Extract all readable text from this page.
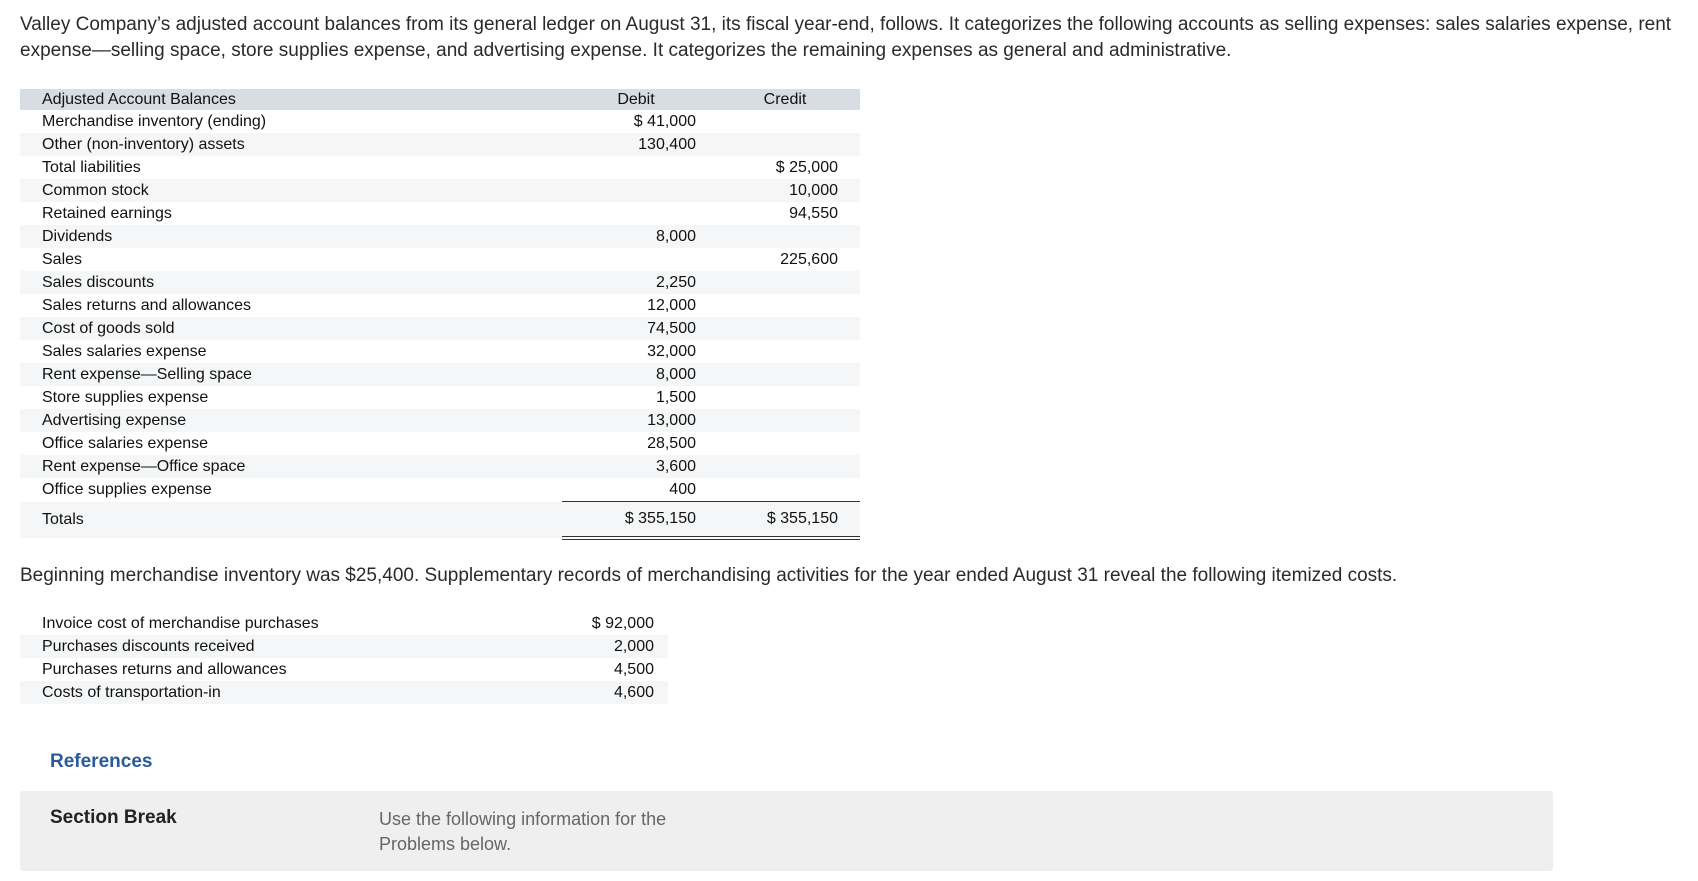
Valley Company’s adjusted account balances from its general ledger on August 31, its fiscal year-end, follows. It categorizes the following accounts as selling expenses: sales salaries expense, rent expense—selling space, store supplies expense, and advertising expense. It categorizes the remaining expenses as general and administrative.

Adjusted Account Balances	Debit	Credit
Merchandise inventory (ending)	$ 41,000	
Other (non-inventory) assets	130,400	
Total liabilities		$ 25,000
Common stock		10,000
Retained earnings		94,550
Dividends	8,000	
Sales		225,600
Sales discounts	2,250	
Sales returns and allowances	12,000	
Cost of goods sold	74,500	
Sales salaries expense	32,000	
Rent expense—Selling space	8,000	
Store supplies expense	1,500	
Advertising expense	13,000	
Office salaries expense	28,500	
Rent expense—Office space	3,600	
Office supplies expense	400	
Totals	$ 355,150	$ 355,150

Beginning merchandise inventory was $25,400. Supplementary records of merchandising activities for the year ended August 31 reveal the following itemized costs.

Invoice cost of merchandise purchases	$ 92,000
Purchases discounts received	2,000
Purchases returns and allowances	4,500
Costs of transportation-in	4,600
References
Section Break	Use the following information for the Problems below.
